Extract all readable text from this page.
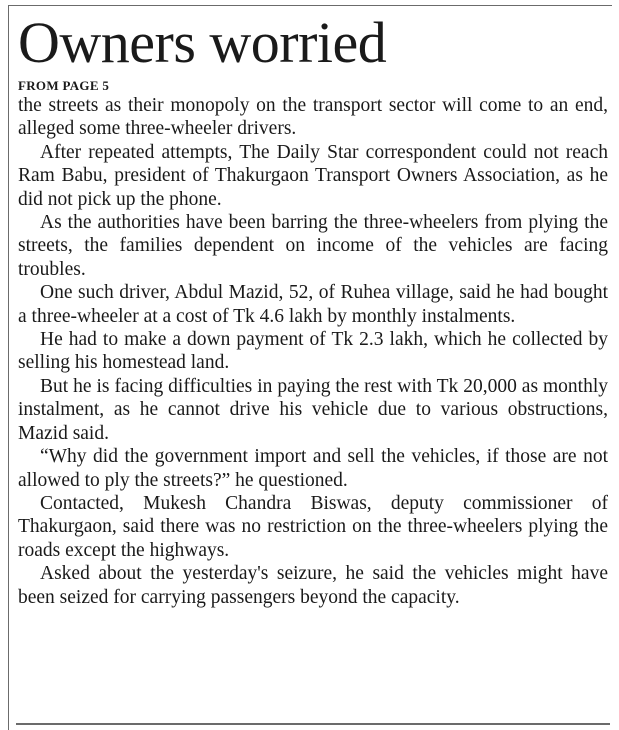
Owners worried
FROM PAGE 5

the streets as their monopoly on the transport sector will come to an end, alleged some three-wheeler drivers.

After repeated attempts, The Daily Star correspondent could not reach Ram Babu, president of Thakurgaon Transport Owners Association, as he did not pick up the phone.

As the authorities have been barring the three-wheelers from plying the streets, the families dependent on income of the vehicles are facing troubles.

One such driver, Abdul Mazid, 52, of Ruhea village, said he had bought a three-wheeler at a cost of Tk 4.6 lakh by monthly instalments.

He had to make a down payment of Tk 2.3 lakh, which he collected by selling his homestead land.

But he is facing difficulties in paying the rest with Tk 20,000 as monthly instalment, as he cannot drive his vehicle due to various obstructions, Mazid said.

“Why did the government import and sell the vehicles, if those are not allowed to ply the streets?” he questioned.

Contacted, Mukesh Chandra Biswas, deputy commissioner of Thakurgaon, said there was no restriction on the three-wheelers plying the roads except the highways.

Asked about the yesterday's seizure, he said the vehicles might have been seized for carrying passengers beyond the capacity.
